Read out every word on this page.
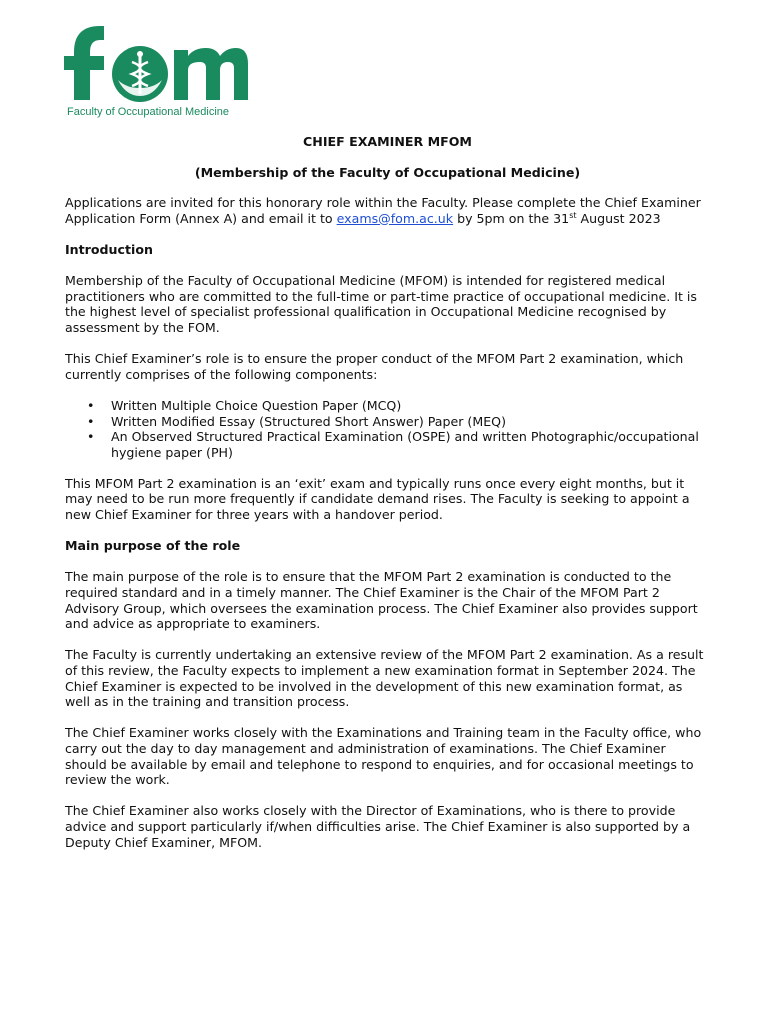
Faculty of Occupational Medicine
CHIEF EXAMINER MFOM
(Membership of the Faculty of Occupational Medicine)

Applications are invited for this honorary role within the Faculty. Please complete the Chief Examiner Application Form (Annex A) and email it to exams@fom.ac.uk by 5pm on the 31st August 2023

Introduction

Membership of the Faculty of Occupational Medicine (MFOM) is intended for registered medical practitioners who are committed to the full-time or part-time practice of occupational medicine. It is the highest level of specialist professional qualification in Occupational Medicine recognised by assessment by the FOM.

This Chief Examiner’s role is to ensure the proper conduct of the MFOM Part 2 examination, which currently comprises of the following components:

• Written Multiple Choice Question Paper (MCQ)
• Written Modified Essay (Structured Short Answer) Paper (MEQ)
• An Observed Structured Practical Examination (OSPE) and written Photographic/occupational hygiene paper (PH)

This MFOM Part 2 examination is an ‘exit’ exam and typically runs once every eight months, but it may need to be run more frequently if candidate demand rises. The Faculty is seeking to appoint a new Chief Examiner for three years with a handover period.

Main purpose of the role

The main purpose of the role is to ensure that the MFOM Part 2 examination is conducted to the required standard and in a timely manner. The Chief Examiner is the Chair of the MFOM Part 2 Advisory Group, which oversees the examination process. The Chief Examiner also provides support and advice as appropriate to examiners.

The Faculty is currently undertaking an extensive review of the MFOM Part 2 examination. As a result of this review, the Faculty expects to implement a new examination format in September 2024. The Chief Examiner is expected to be involved in the development of this new examination format, as well as in the training and transition process.

The Chief Examiner works closely with the Examinations and Training team in the Faculty office, who carry out the day to day management and administration of examinations. The Chief Examiner should be available by email and telephone to respond to enquiries, and for occasional meetings to review the work.

The Chief Examiner also works closely with the Director of Examinations, who is there to provide advice and support particularly if/when difficulties arise. The Chief Examiner is also supported by a Deputy Chief Examiner, MFOM.
